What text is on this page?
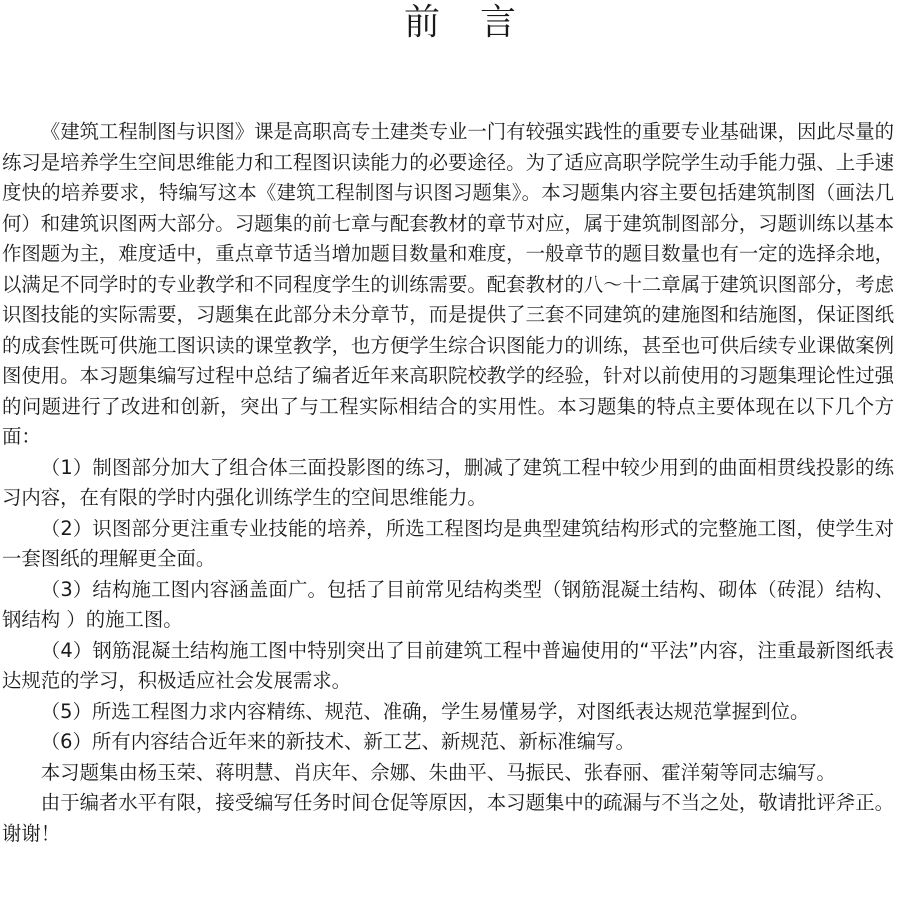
前言

《建筑工程制图与识图》课是高职高专土建类专业一门有较强实践性的重要专业基础课，因此尽量的练习是培养学生空间思维能力和工程图识读能力的必要途径。为了适应高职学院学生动手能力强、上手速度快的培养要求，特编写这本《建筑工程制图与识图习题集》。本习题集内容主要包括建筑制图（画法几何）和建筑识图两大部分。习题集的前七章与配套教材的章节对应，属于建筑制图部分，习题训练以基本作图题为主，难度适中，重点章节适当增加题目数量和难度，一般章节的题目数量也有一定的选择余地，以满足不同学时的专业教学和不同程度学生的训练需要。配套教材的八～十二章属于建筑识图部分，考虑识图技能的实际需要，习题集在此部分未分章节，而是提供了三套不同建筑的建施图和结施图，保证图纸的成套性既可供施工图识读的课堂教学，也方便学生综合识图能力的训练，甚至也可供后续专业课做案例图使用。本习题集编写过程中总结了编者近年来高职院校教学的经验，针对以前使用的习题集理论性过强的问题进行了改进和创新，突出了与工程实际相结合的实用性。本习题集的特点主要体现在以下几个方面：

（1）制图部分加大了组合体三面投影图的练习，删减了建筑工程中较少用到的曲面相贯线投影的练习内容，在有限的学时内强化训练学生的空间思维能力。

（2）识图部分更注重专业技能的培养，所选工程图均是典型建筑结构形式的完整施工图，使学生对一套图纸的理解更全面。

（3）结构施工图内容涵盖面广。包括了目前常见结构类型（钢筋混凝土结构、砌体（砖混）结构、钢结构 ）的施工图。

（4）钢筋混凝土结构施工图中特别突出了目前建筑工程中普遍使用的“平法”内容，注重最新图纸表达规范的学习，积极适应社会发展需求。

（5）所选工程图力求内容精练、规范、准确，学生易懂易学，对图纸表达规范掌握到位。

（6）所有内容结合近年来的新技术、新工艺、新规范、新标准编写。

本习题集由杨玉荣、蒋明慧、肖庆年、佘娜、朱曲平、马振民、张春丽、霍洋菊等同志编写。

由于编者水平有限，接受编写任务时间仓促等原因，本习题集中的疏漏与不当之处，敬请批评斧正。谢谢！
